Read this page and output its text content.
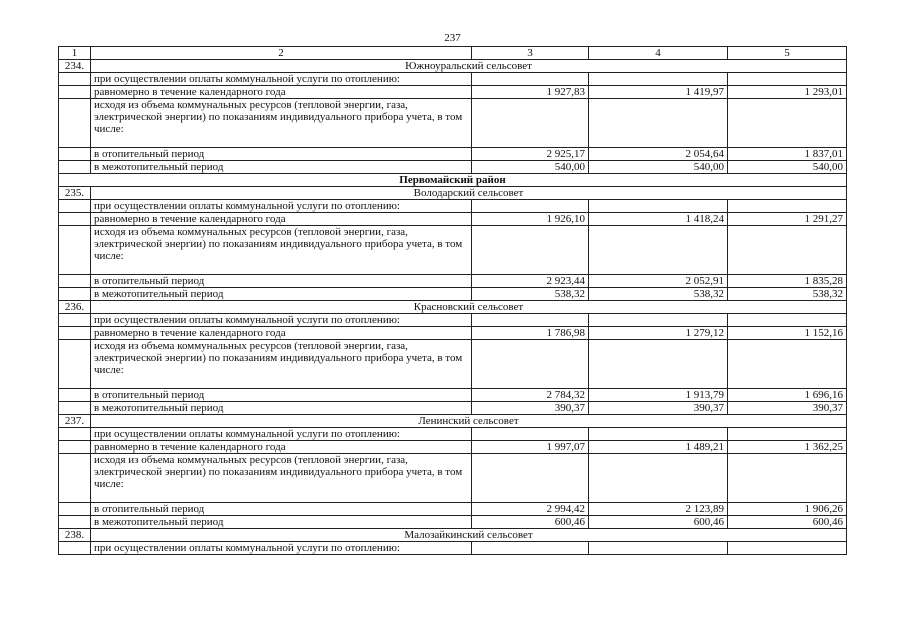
237
1	2	3	4	5
234.	Южноуральский сельсовет			
	при осуществлении оплаты коммунальной услуги по отоплению:			
	равномерно в течение календарного года	1 927,83	1 419,97	1 293,01
	исходя из объема коммунальных ресурсов (тепловой энергии, газа, электрической энергии) по показаниям индивидуального прибора учета, в том числе:			
	в отопительный период	2 925,17	2 054,64	1 837,01
	в межотопительный период	540,00	540,00	540,00
Первомайский район				
235.	Володарский сельсовет			
	при осуществлении оплаты коммунальной услуги по отоплению:			
	равномерно в течение календарного года	1 926,10	1 418,24	1 291,27
	исходя из объема коммунальных ресурсов (тепловой энергии, газа, электрической энергии) по показаниям индивидуального прибора учета, в том числе:			
	в отопительный период	2 923,44	2 052,91	1 835,28
	в межотопительный период	538,32	538,32	538,32
236.	Красновский сельсовет			
	при осуществлении оплаты коммунальной услуги по отоплению:			
	равномерно в течение календарного года	1 786,98	1 279,12	1 152,16
	исходя из объема коммунальных ресурсов (тепловой энергии, газа, электрической энергии) по показаниям индивидуального прибора учета, в том числе:			
	в отопительный период	2 784,32	1 913,79	1 696,16
	в межотопительный период	390,37	390,37	390,37
237.	Ленинский сельсовет			
	при осуществлении оплаты коммунальной услуги по отоплению:			
	равномерно в течение календарного года	1 997,07	1 489,21	1 362,25
	исходя из объема коммунальных ресурсов (тепловой энергии, газа, электрической энергии) по показаниям индивидуального прибора учета, в том числе:			
	в отопительный период	2 994,42	2 123,89	1 906,26
	в межотопительный период	600,46	600,46	600,46
238.	Малозайкинский сельсовет			
	при осуществлении оплаты коммунальной услуги по отоплению:			
